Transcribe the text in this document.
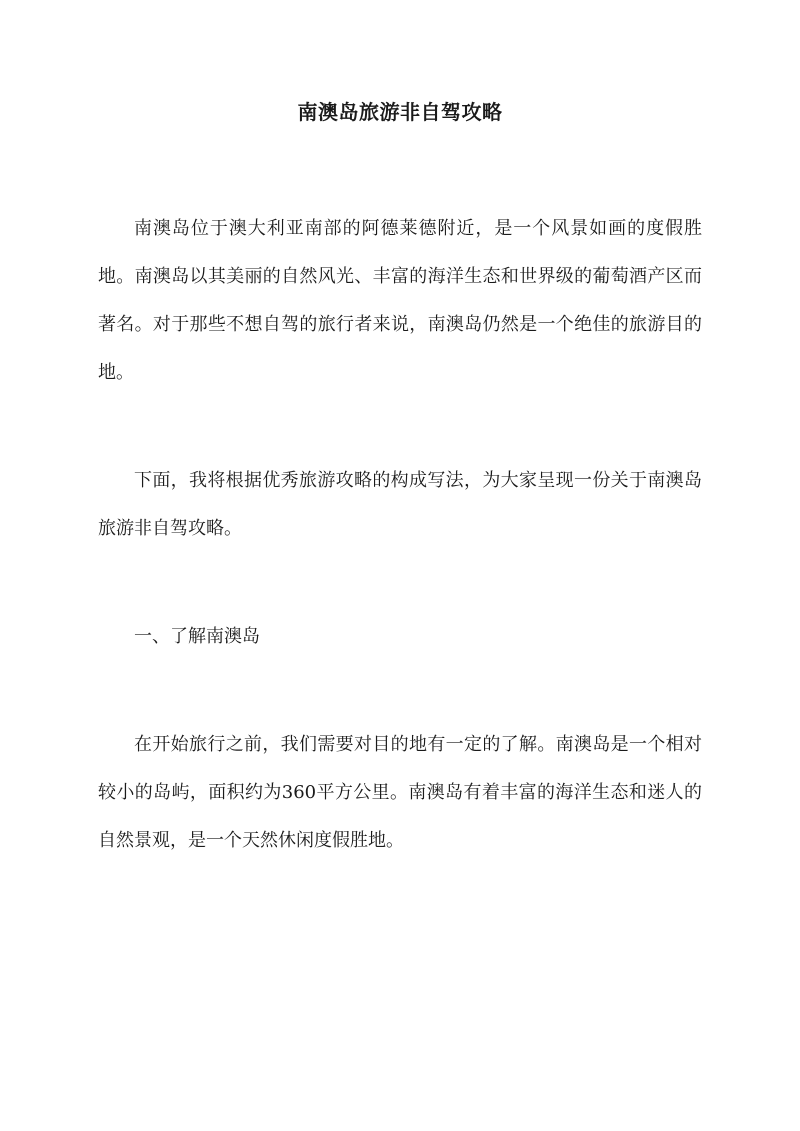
南澳岛旅游非自驾攻略

南澳岛位于澳大利亚南部的阿德莱德附近，是一个风景如画的度假胜地。南澳岛以其美丽的自然风光、丰富的海洋生态和世界级的葡萄酒产区而著名。对于那些不想自驾的旅行者来说，南澳岛仍然是一个绝佳的旅游目的地。

下面，我将根据优秀旅游攻略的构成写法，为大家呈现一份关于南澳岛旅游非自驾攻略。

一、了解南澳岛

在开始旅行之前，我们需要对目的地有一定的了解。南澳岛是一个相对较小的岛屿，面积约为360平方公里。南澳岛有着丰富的海洋生态和迷人的自然景观，是一个天然休闲度假胜地。
